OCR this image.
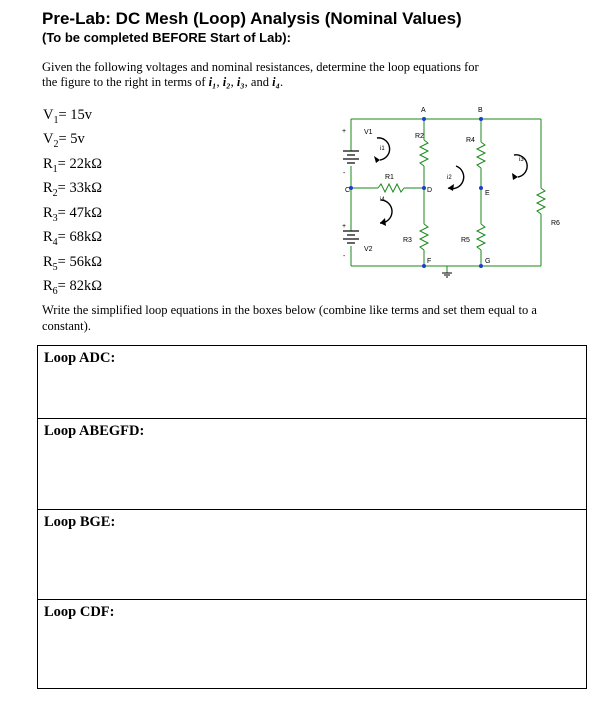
Pre-Lab: DC Mesh (Loop) Analysis (Nominal Values)
(To be completed BEFORE Start of Lab):

Given the following voltages and nominal resistances, determine the loop equations for the figure to the right in terms of i₁, i₂, i₃, and i₄.

$V_1= 15v$
$V_2= 5v$
$R_1= 22k\Omega$
$R_2= 33k\Omega$
$R_3= 47k\Omega$
$R_4= 68k\Omega$
$R_5= 56k\Omega$
$R_6= 82k\Omega$
A	B
C	D	E
F	G
V1
V2
R1
R2
R3
R4
R5
R6
+
-
+
-
i1
i2
i3
i4

Write the simplified loop equations in the boxes below (combine like terms and set them equal to a constant).

Loop ADC:
Loop ABEGFD:
Loop BGE:
Loop CDF:
